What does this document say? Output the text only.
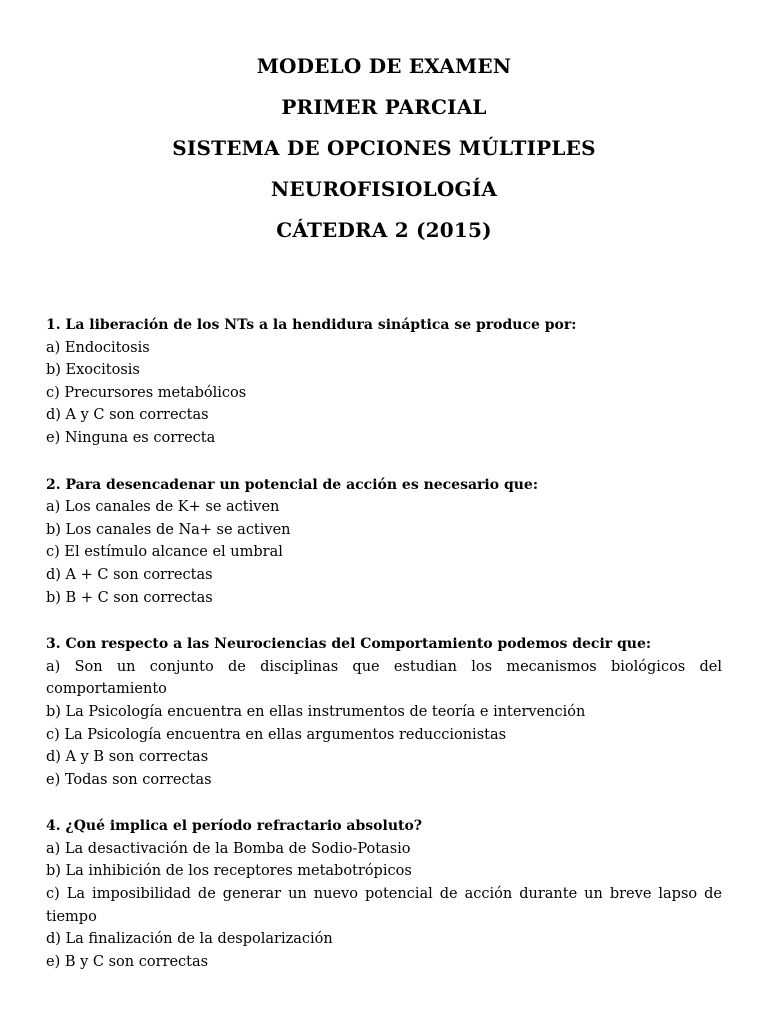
MODELO DE EXAMEN
PRIMER PARCIAL
SISTEMA DE OPCIONES MÚLTIPLES
NEUROFISIOLOGÍA
CÁTEDRA 2 (2015)
1. La liberación de los NTs a la hendidura sináptica se produce por:
a) Endocitosis
b) Exocitosis
c) Precursores metabólicos
d) A y C son correctas
e) Ninguna es correcta
2. Para desencadenar un potencial de acción es necesario que:
a) Los canales de K+ se activen
b) Los canales de Na+ se activen
c) El estímulo alcance el umbral
d) A + C son correctas
b) B + C son correctas
3. Con respecto a las Neurociencias del Comportamiento podemos decir que:
a) Son un conjunto de disciplinas que estudian los mecanismos biológicos del comportamiento
b) La Psicología encuentra en ellas instrumentos de teoría e intervención
c) La Psicología encuentra en ellas argumentos reduccionistas
d) A y B son correctas
e) Todas son correctas
4. ¿Qué implica el período refractario absoluto?
a) La desactivación de la Bomba de Sodio-Potasio
b) La inhibición de los receptores metabotrópicos
c) La imposibilidad de generar un nuevo potencial de acción durante un breve lapso de tiempo
d) La finalización de la despolarización
e) B y C son correctas
